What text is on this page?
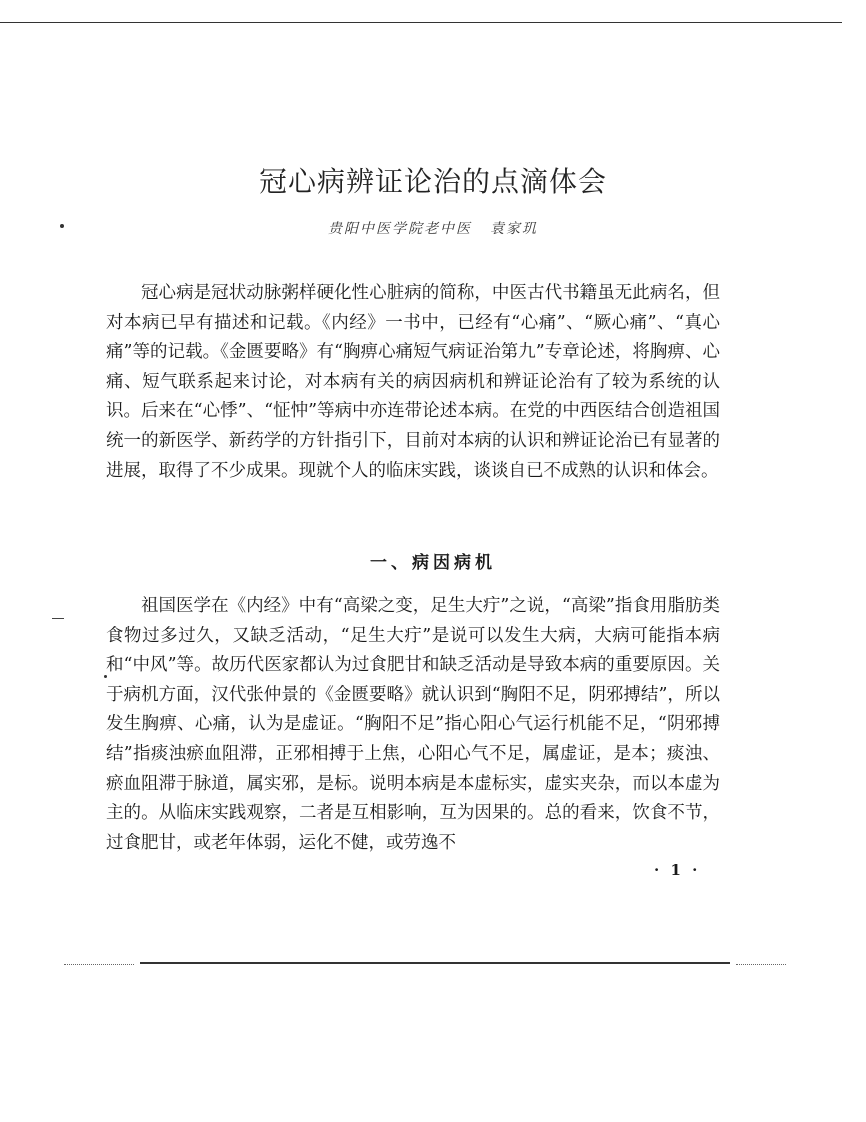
冠心病辨证论治的点滴体会
贵阳中医学院老中医 袁家玑

冠心病是冠状动脉粥样硬化性心脏病的简称，中医古代书籍虽无此病名，但对本病已早有描述和记载。《内经》一书中，已经有“心痛”、“厥心痛”、“真心痛”等的记载。《金匮要略》有“胸痹心痛短气病证治第九”专章论述，将胸痹、心痛、短气联系起来讨论，对本病有关的病因病机和辨证论治有了较为系统的认识。后来在“心悸”、“怔忡”等病中亦连带论述本病。在党的中西医结合创造祖国统一的新医学、新药学的方针指引下，目前对本病的认识和辨证论治已有显著的进展，取得了不少成果。现就个人的临床实践，谈谈自已不成熟的认识和体会。

一、病因病机

祖国医学在《内经》中有“高梁之变，足生大疔”之说，“高梁”指食用脂肪类食物过多过久，又缺乏活动，“足生大疔”是说可以发生大病，大病可能指本病和“中风”等。故历代医家都认为过食肥甘和缺乏活动是导致本病的重要原因。关于病机方面，汉代张仲景的《金匮要略》就认识到“胸阳不足，阴邪搏结”，所以发生胸痹、心痛，认为是虚证。“胸阳不足”指心阳心气运行机能不足，“阴邪搏结”指痰浊瘀血阻滞，正邪相搏于上焦，心阳心气不足，属虚证，是本；痰浊、瘀血阻滞于脉道，属实邪，是标。说明本病是本虚标实，虚实夹杂，而以本虚为主的。从临床实践观察，二者是互相影响，互为因果的。总的看来，饮食不节，过食肥甘，或老年体弱，运化不健，或劳逸不

· 1 ·
